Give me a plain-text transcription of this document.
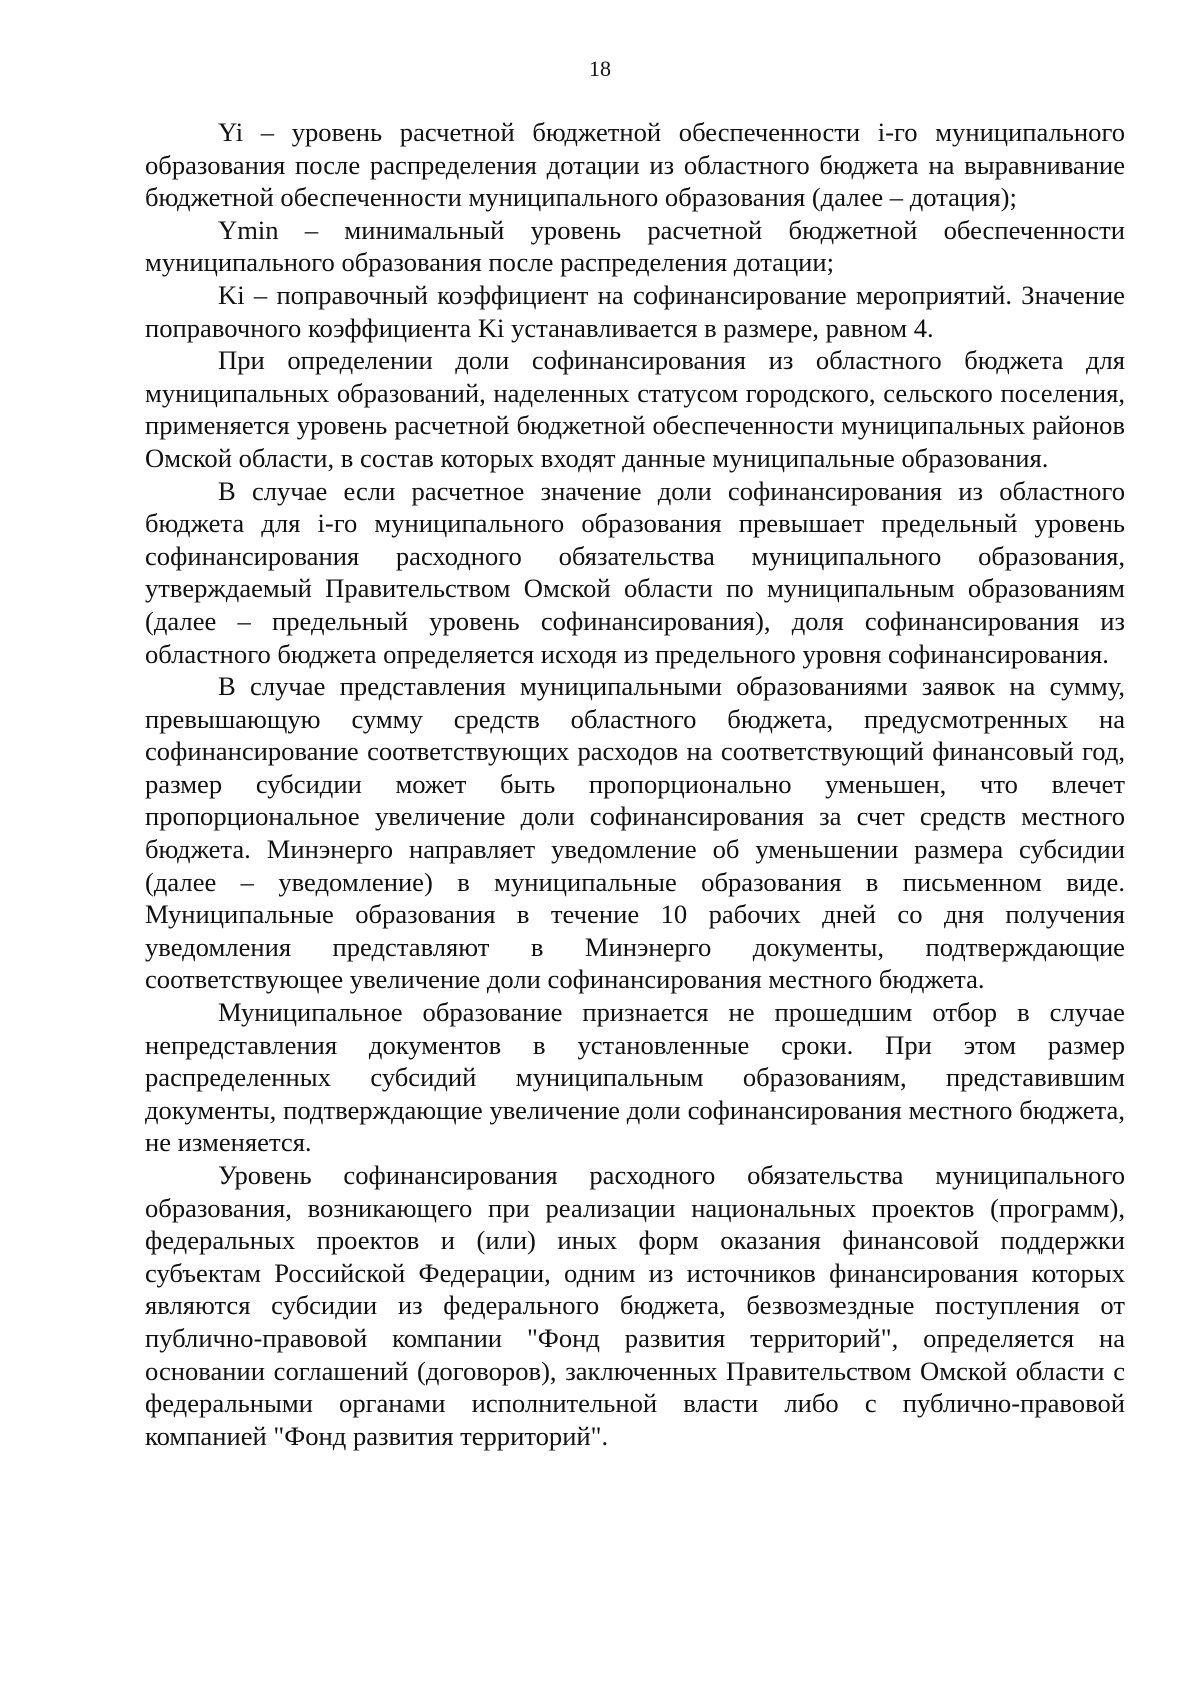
18

Yi – уровень расчетной бюджетной обеспеченности i-го муниципального образования после распределения дотации из областного бюджета на выравнивание бюджетной обеспеченности муниципального образования (далее – дотация);

Ymin – минимальный уровень расчетной бюджетной обеспеченности муниципального образования после распределения дотации;

Ki – поправочный коэффициент на софинансирование мероприятий. Значение поправочного коэффициента Ki устанавливается в размере, равном 4.

При определении доли софинансирования из областного бюджета для муниципальных образований, наделенных статусом городского, сельского поселения, применяется уровень расчетной бюджетной обеспеченности муниципальных районов Омской области, в состав которых входят данные муниципальные образования.

В случае если расчетное значение доли софинансирования из областного бюджета для i-го муниципального образования превышает предельный уровень софинансирования расходного обязательства муниципального образования, утверждаемый Правительством Омской области по муниципальным образованиям (далее – предельный уровень софинансирования), доля софинансирования из областного бюджета определяется исходя из предельного уровня софинансирования.

В случае представления муниципальными образованиями заявок на сумму, превышающую сумму средств областного бюджета, предусмотренных на софинансирование соответствующих расходов на соответствующий финансовый год, размер субсидии может быть пропорционально уменьшен, что влечет пропорциональное увеличение доли софинансирования за счет средств местного бюджета. Минэнерго направляет уведомление об уменьшении размера субсидии (далее – уведомление) в муниципальные образования в письменном виде. Муниципальные образования в течение 10 рабочих дней со дня получения уведомления представляют в Минэнерго документы, подтверждающие соответствующее увеличение доли софинансирования местного бюджета.

Муниципальное образование признается не прошедшим отбор в случае непредставления документов в установленные сроки. При этом размер распределенных субсидий муниципальным образованиям, представившим документы, подтверждающие увеличение доли софинансирования местного бюджета, не изменяется.

Уровень софинансирования расходного обязательства муниципального образования, возникающего при реализации национальных проектов (программ), федеральных проектов и (или) иных форм оказания финансовой поддержки субъектам Российской Федерации, одним из источников финансирования которых являются субсидии из федерального бюджета, безвозмездные поступления от публично-правовой компании "Фонд развития территорий", определяется на основании соглашений (договоров), заключенных Правительством Омской области с федеральными органами исполнительной власти либо с публично-правовой компанией "Фонд развития территорий".
